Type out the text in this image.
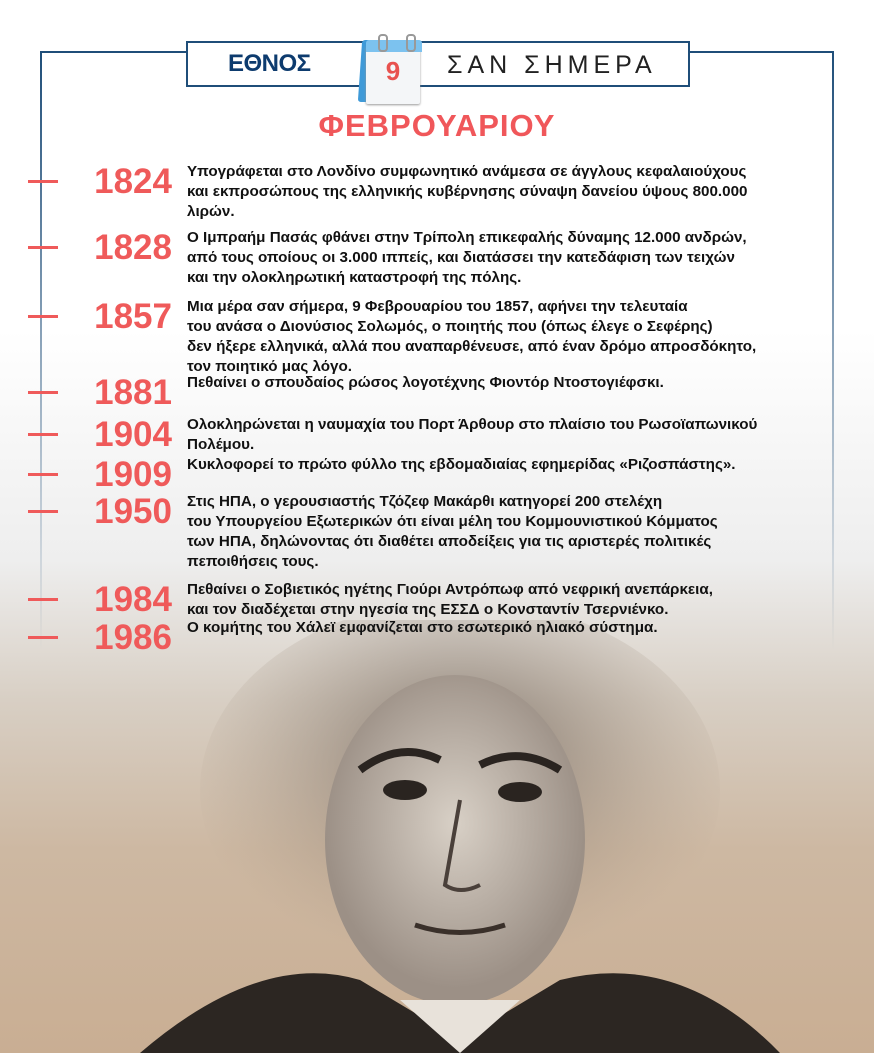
ΕΘΝΟΣ	9	ΣΑΝ ΣΗΜΕΡΑ
ΦΕΒΡΟΥΑΡΙΟΥ
1824 Υπογράφεται στο Λονδίνο συμφωνητικό ανάμεσα σε άγγλους κεφαλαιούχους
και εκπροσώπους της ελληνικής κυβέρνησης σύναψη δανείου ύψους 800.000
λιρών.
1828 Ο Ιμπραήμ Πασάς φθάνει στην Τρίπολη επικεφαλής δύναμης 12.000 ανδρών,
από τους οποίους οι 3.000 ιππείς, και διατάσσει την κατεδάφιση των τειχών
και την ολοκληρωτική καταστροφή της πόλης.
1857 Μια μέρα σαν σήμερα, 9 Φεβρουαρίου του 1857, αφήνει την τελευταία
του ανάσα ο Διονύσιος Σολωμός, ο ποιητής που (όπως έλεγε ο Σεφέρης)
δεν ήξερε ελληνικά, αλλά που αναπαρθένευσε, από έναν δρόμο απροσδόκητο,
τον ποιητικό μας λόγο.
1881 Πεθαίνει ο σπουδαίος ρώσος λογοτέχνης Φιοντόρ Ντοστογιέφσκι.
1904 Ολοκληρώνεται η ναυμαχία του Πορτ Άρθουρ στο πλαίσιο του Ρωσοϊαπωνικού
Πολέμου.
1909 Κυκλοφορεί το πρώτο φύλλο της εβδομαδιαίας εφημερίδας «Ριζοσπάστης».
1950 Στις ΗΠΑ, ο γερουσιαστής Τζόζεφ Μακάρθι κατηγορεί 200 στελέχη
του Υπουργείου Εξωτερικών ότι είναι μέλη του Κομμουνιστικού Κόμματος
των ΗΠΑ, δηλώνοντας ότι διαθέτει αποδείξεις για τις αριστερές πολιτικές
πεποιθήσεις τους.
1984 Πεθαίνει ο Σοβιετικός ηγέτης Γιούρι Αντρόπωφ από νεφρική ανεπάρκεια,
και τον διαδέχεται στην ηγεσία της ΕΣΣΔ ο Κονσταντίν Τσερνιένκο.
1986 Ο κομήτης του Χάλεϊ εμφανίζεται στο εσωτερικό ηλιακό σύστημα.
